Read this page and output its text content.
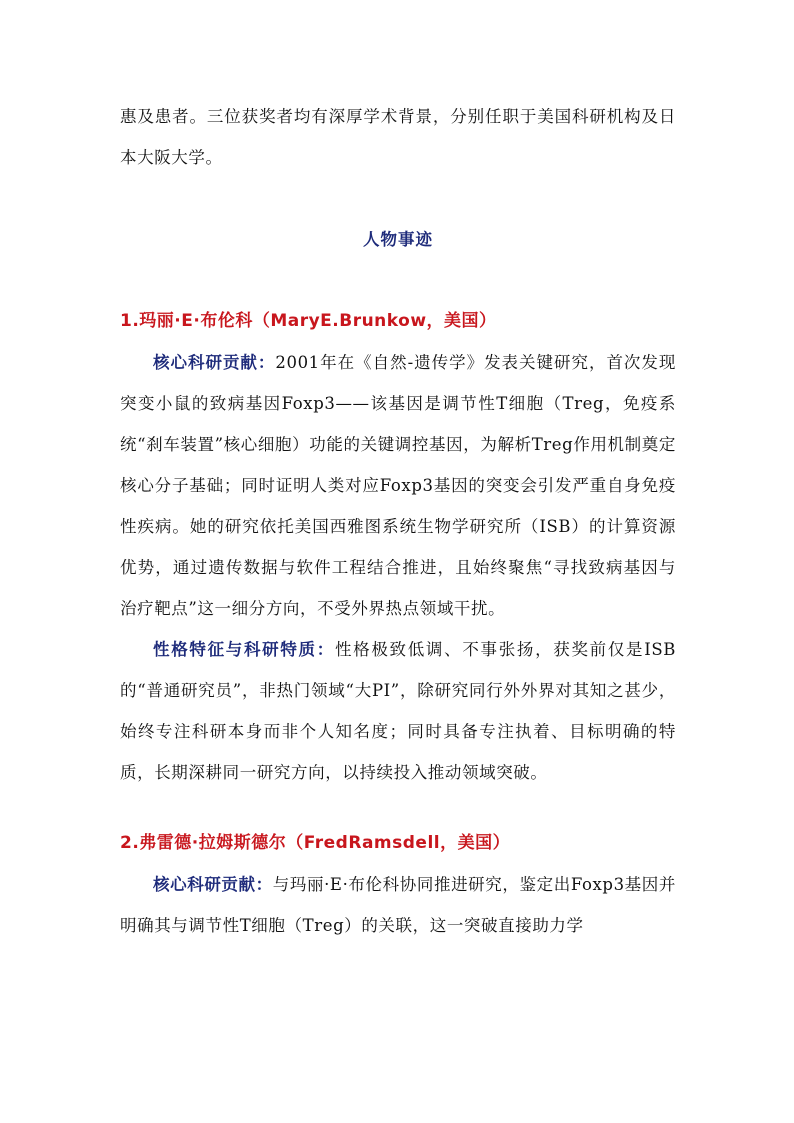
惠及患者。三位获奖者均有深厚学术背景，分别任职于美国科研机构及日本大阪大学。

人物事迹

1.玛丽·E·布伦科（MaryE.Brunkow，美国）

核心科研贡献：2001年在《自然-遗传学》发表关键研究，首次发现突变小鼠的致病基因Foxp3——该基因是调节性T细胞（Treg，免疫系统“刹车装置”核心细胞）功能的关键调控基因，为解析Treg作用机制奠定核心分子基础；同时证明人类对应Foxp3基因的突变会引发严重自身免疫性疾病。她的研究依托美国西雅图系统生物学研究所（ISB）的计算资源优势，通过遗传数据与软件工程结合推进，且始终聚焦“寻找致病基因与治疗靶点”这一细分方向，不受外界热点领域干扰。

性格特征与科研特质：性格极致低调、不事张扬，获奖前仅是ISB的“普通研究员”，非热门领域“大PI”，除研究同行外外界对其知之甚少，始终专注科研本身而非个人知名度；同时具备专注执着、目标明确的特质，长期深耕同一研究方向，以持续投入推动领域突破。

2.弗雷德·拉姆斯德尔（FredRamsdell，美国）

核心科研贡献：与玛丽·E·布伦科协同推进研究，鉴定出Foxp3基因并明确其与调节性T细胞（Treg）的关联，这一突破直接助力学
